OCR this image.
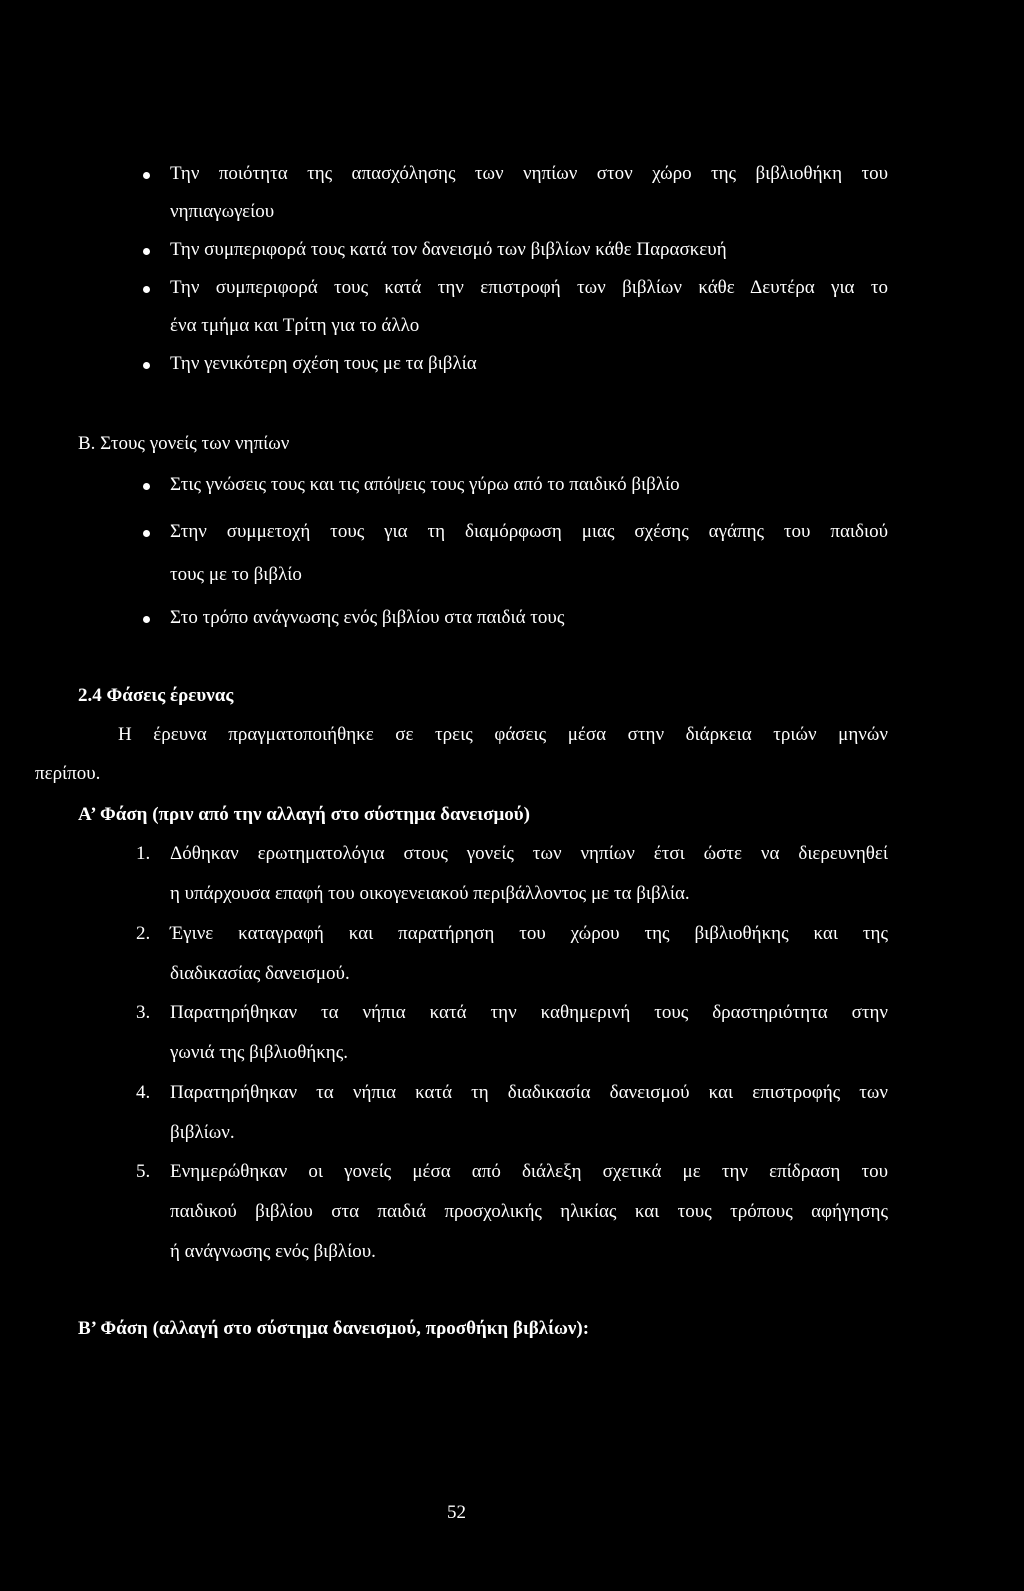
Την ποιότητα της απασχόλησης των νηπίων στον χώρο της βιβλιοθήκη του
νηπιαγωγείου
Την συμπεριφορά τους κατά τον δανεισμό των βιβλίων κάθε Παρασκευή
Την συμπεριφορά τους κατά την επιστροφή των βιβλίων κάθε Δευτέρα για το
ένα τμήμα και Τρίτη για το άλλο
Την γενικότερη σχέση τους με τα βιβλία
Β. Στους γονείς των νηπίων
Στις γνώσεις τους και τις απόψεις τους γύρω από το παιδικό βιβλίο
Στην συμμετοχή τους για τη διαμόρφωση μιας σχέσης αγάπης του παιδιού
τους με το βιβλίο
Στο τρόπο ανάγνωσης ενός βιβλίου στα παιδιά τους
2.4 Φάσεις έρευνας
Η έρευνα πραγματοποιήθηκε σε τρεις φάσεις μέσα στην διάρκεια τριών μηνών
περίπου.
Α’ Φάση (πριν από την αλλαγή στο σύστημα δανεισμού)
1. Δόθηκαν ερωτηματολόγια στους γονείς των νηπίων έτσι ώστε να διερευνηθεί
η υπάρχουσα επαφή του οικογενειακού περιβάλλοντος με τα βιβλία.
2. Έγινε καταγραφή και παρατήρηση του χώρου της βιβλιοθήκης και της
διαδικασίας δανεισμού.
3. Παρατηρήθηκαν τα νήπια κατά την καθημερινή τους δραστηριότητα στην
γωνιά της βιβλιοθήκης.
4. Παρατηρήθηκαν τα νήπια κατά τη διαδικασία δανεισμού και επιστροφής των
βιβλίων.
5. Ενημερώθηκαν οι γονείς μέσα από διάλεξη σχετικά με την επίδραση του
παιδικού βιβλίου στα παιδιά προσχολικής ηλικίας και τους τρόπους αφήγησης
ή ανάγνωσης ενός βιβλίου.
Β’ Φάση (αλλαγή στο σύστημα δανεισμού, προσθήκη βιβλίων):
52
